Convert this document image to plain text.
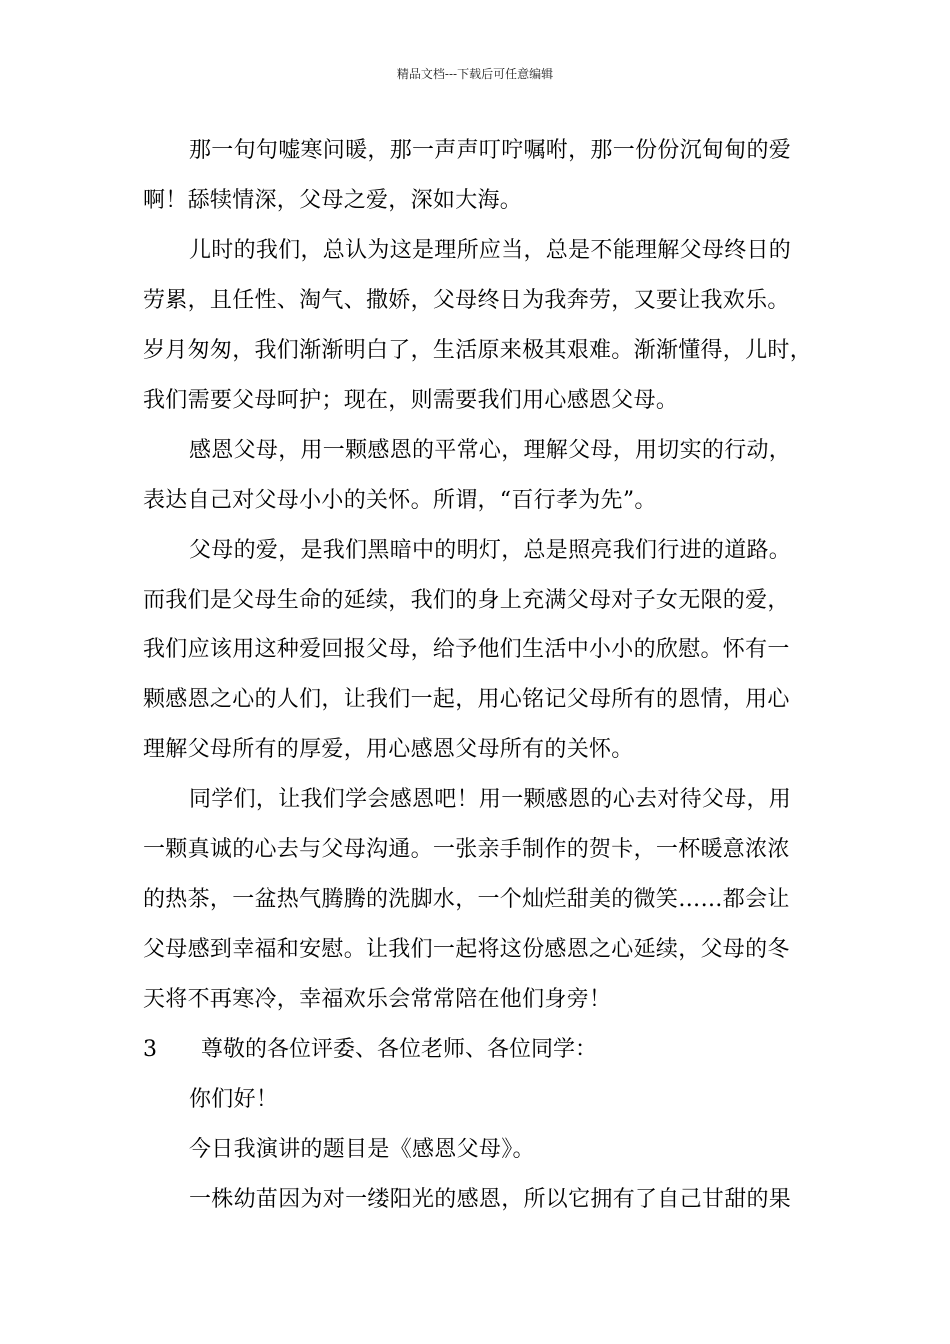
精品文档---下载后可任意编辑
那一句句嘘寒问暖，那一声声叮咛嘱咐，那一份份沉甸甸的爱
啊！舔犊情深，父母之爱，深如大海。
儿时的我们，总认为这是理所应当，总是不能理解父母终日的
劳累，且任性、淘气、撒娇，父母终日为我奔劳，又要让我欢乐。
岁月匆匆，我们渐渐明白了，生活原来极其艰难。渐渐懂得，儿时，
我们需要父母呵护；现在，则需要我们用心感恩父母。
感恩父母，用一颗感恩的平常心，理解父母，用切实的行动，
表达自己对父母小小的关怀。所谓，“百行孝为先”。
父母的爱，是我们黑暗中的明灯，总是照亮我们行进的道路。
而我们是父母生命的延续，我们的身上充满父母对子女无限的爱，
我们应该用这种爱回报父母，给予他们生活中小小的欣慰。怀有一
颗感恩之心的人们，让我们一起，用心铭记父母所有的恩情，用心
理解父母所有的厚爱，用心感恩父母所有的关怀。
同学们，让我们学会感恩吧！用一颗感恩的心去对待父母，用
一颗真诚的心去与父母沟通。一张亲手制作的贺卡，一杯暖意浓浓
的热茶，一盆热气腾腾的洗脚水，一个灿烂甜美的微笑……都会让
父母感到幸福和安慰。让我们一起将这份感恩之心延续，父母的冬
天将不再寒冷，幸福欢乐会常常陪在他们身旁！
3 尊敬的各位评委、各位老师、各位同学：
你们好！
今日我演讲的题目是《感恩父母》。
一株幼苗因为对一缕阳光的感恩，所以它拥有了自己甘甜的果
